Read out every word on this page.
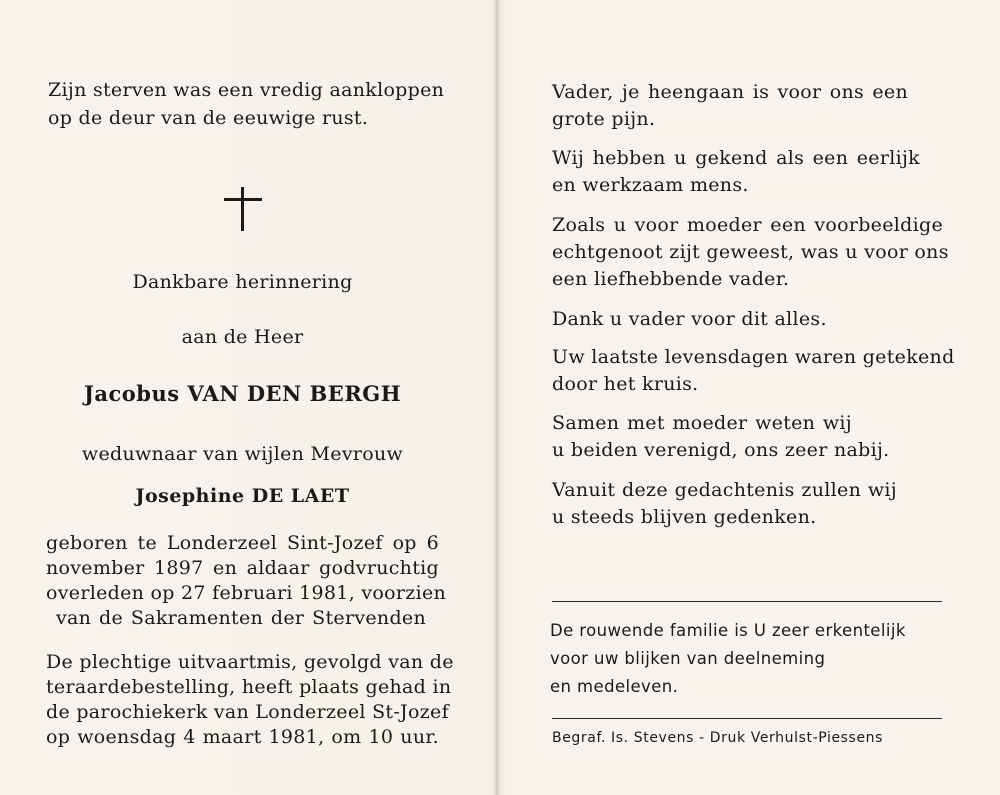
Zijn sterven was een vredig aankloppen
op de deur van de eeuwige rust.
Dankbare herinnering
aan de Heer
Jacobus VAN DEN BERGH
weduwnaar van wijlen Mevrouw
Josephine DE LAET
geboren te Londerzeel Sint-Jozef op 6
november 1897 en aldaar godvruchtig
overleden op 27 februari 1981, voorzien
van de Sakramenten der Stervenden
De plechtige uitvaartmis, gevolgd van de
teraardebestelling, heeft plaats gehad in
de parochiekerk van Londerzeel St-Jozef
op woensdag 4 maart 1981, om 10 uur.
Vader, je heengaan is voor ons een
grote pijn.
Wij hebben u gekend als een eerlijk
en werkzaam mens.
Zoals u voor moeder een voorbeeldige
echtgenoot zijt geweest, was u voor ons
een liefhebbende vader.
Dank u vader voor dit alles.
Uw laatste levensdagen waren getekend
door het kruis.
Samen met moeder weten wij
u beiden verenigd, ons zeer nabij.
Vanuit deze gedachtenis zullen wij
u steeds blijven gedenken.
De rouwende familie is U zeer erkentelijk
voor uw blijken van deelneming
en medeleven.
Begraf. Is. Stevens - Druk Verhulst-Piessens
